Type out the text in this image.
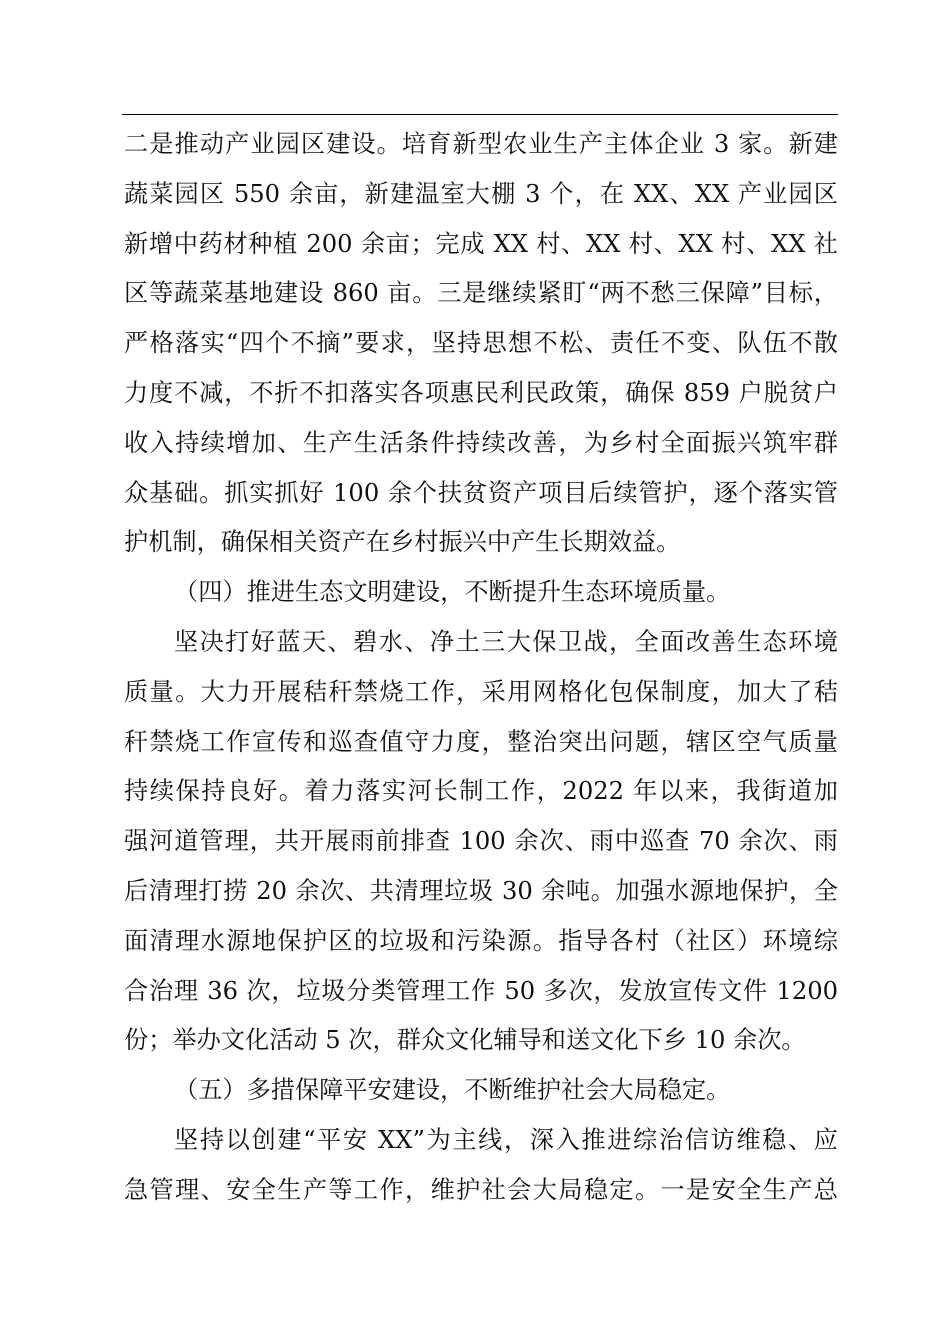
二是推动产业园区建设。培育新型农业生产主体企业 3 家。新建
蔬菜园区 550 余亩，新建温室大棚 3 个，在 XX、XX 产业园区
新增中药材种植 200 余亩；完成 XX 村、XX 村、XX 村、XX 社
区等蔬菜基地建设 860 亩。三是继续紧盯“两不愁三保障”目标，
严格落实“四个不摘”要求，坚持思想不松、责任不变、队伍不散
力度不减，不折不扣落实各项惠民利民政策，确保 859 户脱贫户
收入持续增加、生产生活条件持续改善，为乡村全面振兴筑牢群
众基础。抓实抓好 100 余个扶贫资产项目后续管护，逐个落实管
护机制，确保相关资产在乡村振兴中产生长期效益。
（四）推进生态文明建设，不断提升生态环境质量。
坚决打好蓝天、碧水、净土三大保卫战，全面改善生态环境
质量。大力开展秸秆禁烧工作，采用网格化包保制度，加大了秸
秆禁烧工作宣传和巡查值守力度，整治突出问题，辖区空气质量
持续保持良好。着力落实河长制工作，2022 年以来，我街道加
强河道管理，共开展雨前排查 100 余次、雨中巡查 70 余次、雨
后清理打捞 20 余次、共清理垃圾 30 余吨。加强水源地保护，全
面清理水源地保护区的垃圾和污染源。指导各村（社区）环境综
合治理 36 次，垃圾分类管理工作 50 多次，发放宣传文件 1200
份；举办文化活动 5 次，群众文化辅导和送文化下乡 10 余次。
（五）多措保障平安建设，不断维护社会大局稳定。
坚持以创建“平安 XX”为主线，深入推进综治信访维稳、应
急管理、安全生产等工作，维护社会大局稳定。一是安全生产总
